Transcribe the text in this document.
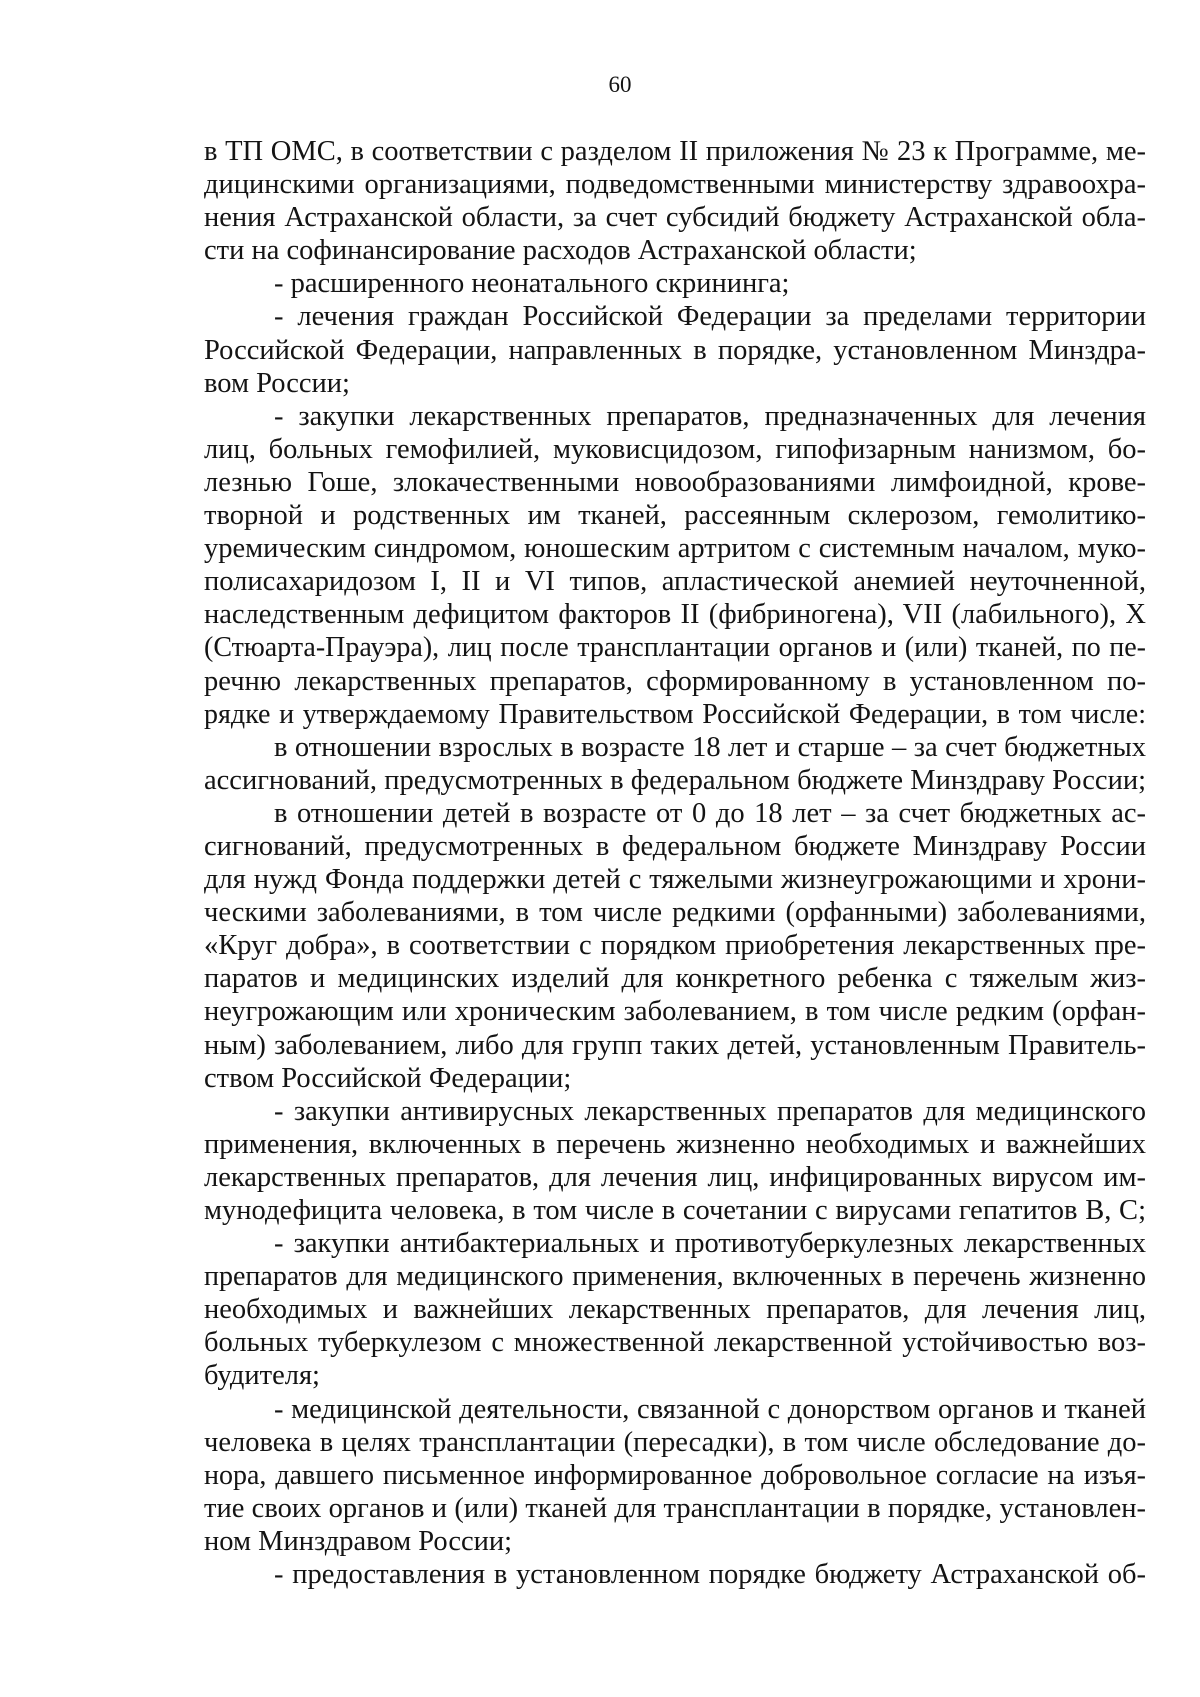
60
в ТП ОМС, в соответствии с разделом II приложения № 23 к Программе, ме-
дицинскими организациями, подведомственными министерству здравоохра-
нения Астраханской области, за счет субсидий бюджету Астраханской обла-
сти на софинансирование расходов Астраханской области;
- расширенного неонатального скрининга;
- лечения граждан Российской Федерации за пределами территории
Российской Федерации, направленных в порядке, установленном Минздра-
вом России;
- закупки лекарственных препаратов, предназначенных для лечения
лиц, больных гемофилией, муковисцидозом, гипофизарным нанизмом, бо-
лезнью Гоше, злокачественными новообразованиями лимфоидной, крове-
творной и родственных им тканей, рассеянным склерозом, гемолитико-
уремическим синдромом, юношеским артритом с системным началом, муко-
полисахаридозом I, II и VI типов, апластической анемией неуточненной,
наследственным дефицитом факторов II (фибриногена), VII (лабильного), X
(Стюарта-Прауэра), лиц после трансплантации органов и (или) тканей, по пе-
речню лекарственных препаратов, сформированному в установленном по-
рядке и утверждаемому Правительством Российской Федерации, в том числе:
в отношении взрослых в возрасте 18 лет и старше – за счет бюджетных
ассигнований, предусмотренных в федеральном бюджете Минздраву России;
в отношении детей в возрасте от 0 до 18 лет – за счет бюджетных ас-
сигнований, предусмотренных в федеральном бюджете Минздраву России
для нужд Фонда поддержки детей с тяжелыми жизнеугрожающими и хрони-
ческими заболеваниями, в том числе редкими (орфанными) заболеваниями,
«Круг добра», в соответствии с порядком приобретения лекарственных пре-
паратов и медицинских изделий для конкретного ребенка с тяжелым жиз-
неугрожающим или хроническим заболеванием, в том числе редким (орфан-
ным) заболеванием, либо для групп таких детей, установленным Правитель-
ством Российской Федерации;
- закупки антивирусных лекарственных препаратов для медицинского
применения, включенных в перечень жизненно необходимых и важнейших
лекарственных препаратов, для лечения лиц, инфицированных вирусом им-
мунодефицита человека, в том числе в сочетании с вирусами гепатитов B, C;
- закупки антибактериальных и противотуберкулезных лекарственных
препаратов для медицинского применения, включенных в перечень жизненно
необходимых и важнейших лекарственных препаратов, для лечения лиц,
больных туберкулезом с множественной лекарственной устойчивостью воз-
будителя;
- медицинской деятельности, связанной с донорством органов и тканей
человека в целях трансплантации (пересадки), в том числе обследование до-
нора, давшего письменное информированное добровольное согласие на изъя-
тие своих органов и (или) тканей для трансплантации в порядке, установлен-
ном Минздравом России;
- предоставления в установленном порядке бюджету Астраханской об-
